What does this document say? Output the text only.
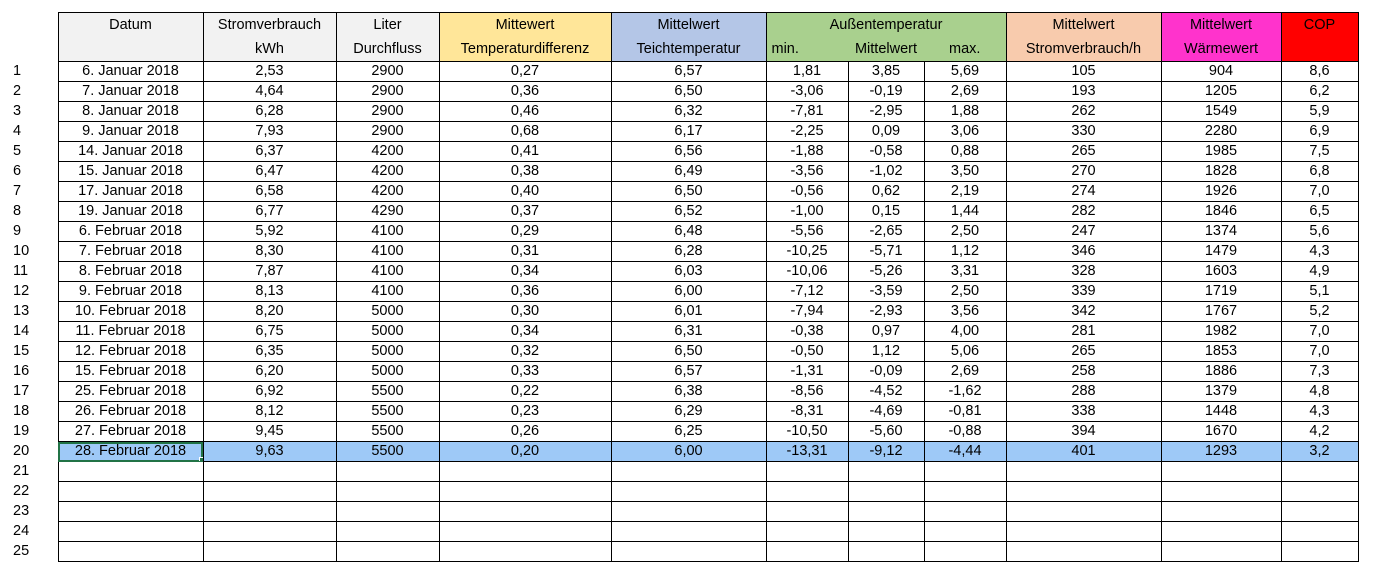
	Datum	Stromverbrauch	Liter	Mittewert	Mittelwert	Außentemperatur			Mittelwert	Mittelwert	COP
		kWh	Durchfluss	Temperaturdifferenz	Teichtemperatur	min.	Mittelwert	max.	Stromverbrauch/h	Wärmewert	
1	6. Januar 2018	2,53	2900	0,27	6,57	1,81	3,85	5,69	105	904	8,6
2	7. Januar 2018	4,64	2900	0,36	6,50	-3,06	-0,19	2,69	193	1205	6,2
3	8. Januar 2018	6,28	2900	0,46	6,32	-7,81	-2,95	1,88	262	1549	5,9
4	9. Januar 2018	7,93	2900	0,68	6,17	-2,25	0,09	3,06	330	2280	6,9
5	14. Januar 2018	6,37	4200	0,41	6,56	-1,88	-0,58	0,88	265	1985	7,5
6	15. Januar 2018	6,47	4200	0,38	6,49	-3,56	-1,02	3,50	270	1828	6,8
7	17. Januar 2018	6,58	4200	0,40	6,50	-0,56	0,62	2,19	274	1926	7,0
8	19. Januar 2018	6,77	4290	0,37	6,52	-1,00	0,15	1,44	282	1846	6,5
9	6. Februar 2018	5,92	4100	0,29	6,48	-5,56	-2,65	2,50	247	1374	5,6
10	7. Februar 2018	8,30	4100	0,31	6,28	-10,25	-5,71	1,12	346	1479	4,3
11	8. Februar 2018	7,87	4100	0,34	6,03	-10,06	-5,26	3,31	328	1603	4,9
12	9. Februar 2018	8,13	4100	0,36	6,00	-7,12	-3,59	2,50	339	1719	5,1
13	10. Februar 2018	8,20	5000	0,30	6,01	-7,94	-2,93	3,56	342	1767	5,2
14	11. Februar 2018	6,75	5000	0,34	6,31	-0,38	0,97	4,00	281	1982	7,0
15	12. Februar 2018	6,35	5000	0,32	6,50	-0,50	1,12	5,06	265	1853	7,0
16	15. Februar 2018	6,20	5000	0,33	6,57	-1,31	-0,09	2,69	258	1886	7,3
17	25. Februar 2018	6,92	5500	0,22	6,38	-8,56	-4,52	-1,62	288	1379	4,8
18	26. Februar 2018	8,12	5500	0,23	6,29	-8,31	-4,69	-0,81	338	1448	4,3
19	27. Februar 2018	9,45	5500	0,26	6,25	-10,50	-5,60	-0,88	394	1670	4,2
20	28. Februar 2018	9,63	5500	0,20	6,00	-13,31	-9,12	-4,44	401	1293	3,2
21											
22											
23											
24											
25											
